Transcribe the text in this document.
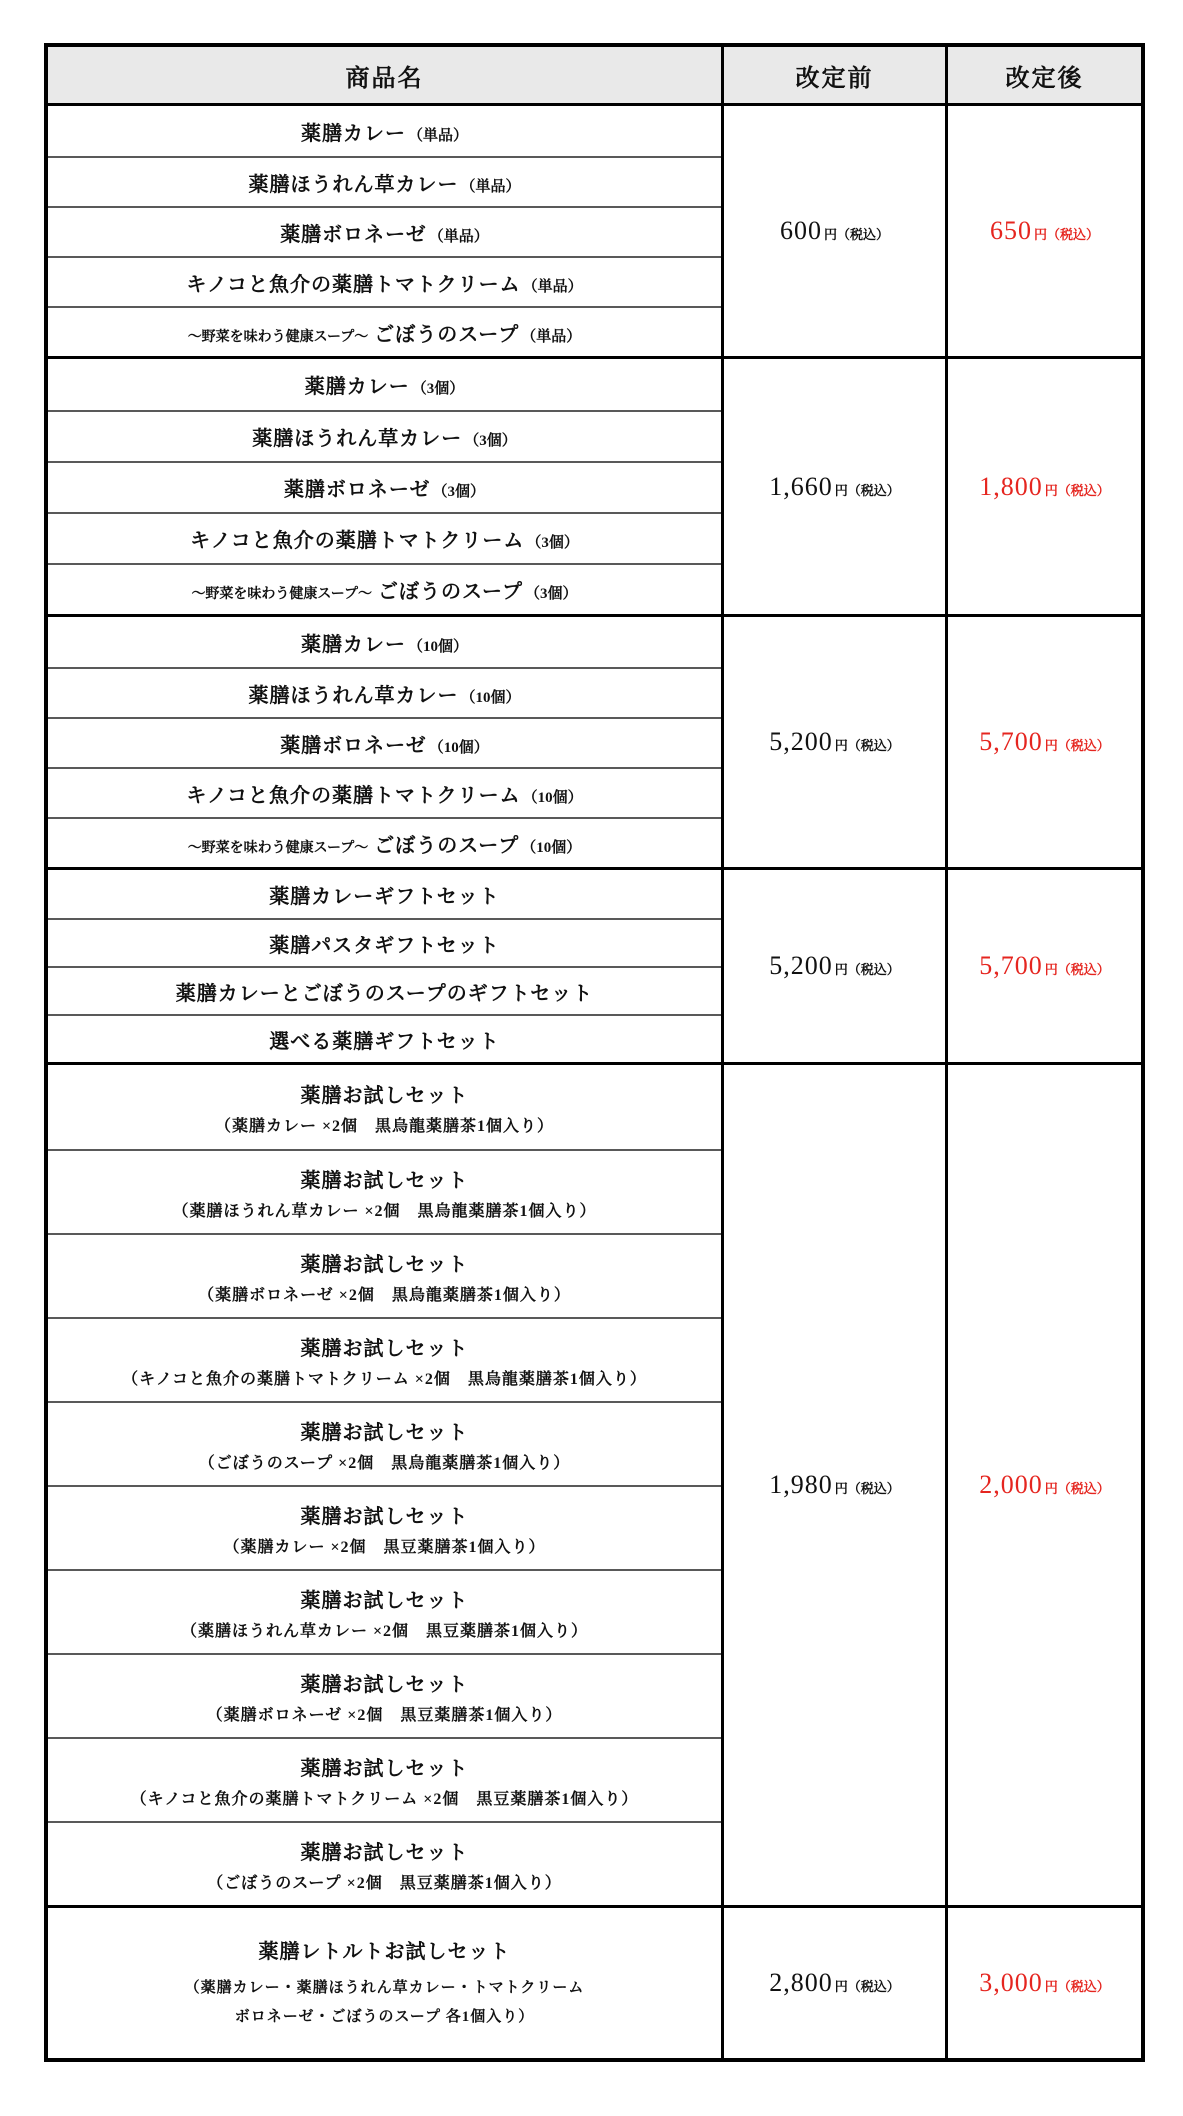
商品名	改定前	改定後
薬膳カレー （単品）
薬膳ほうれん草カレー （単品）
薬膳ボロネーゼ （単品）
キノコと魚介の薬膳トマトクリーム （単品）
～野菜を味わう健康スープ～ ごぼうのスープ （単品）
600 円（税込）	650 円（税込）
薬膳カレー （3個）
薬膳ほうれん草カレー （3個）
薬膳ボロネーゼ （3個）
キノコと魚介の薬膳トマトクリーム （3個）
～野菜を味わう健康スープ～ ごぼうのスープ （3個）
1,660 円（税込）	1,800 円（税込）
薬膳カレー （10個）
薬膳ほうれん草カレー （10個）
薬膳ボロネーゼ （10個）
キノコと魚介の薬膳トマトクリーム （10個）
～野菜を味わう健康スープ～ ごぼうのスープ （10個）
5,200 円（税込）	5,700 円（税込）
薬膳カレーギフトセット
薬膳パスタギフトセット
薬膳カレーとごぼうのスープのギフトセット
選べる薬膳ギフトセット
5,200 円（税込）	5,700 円（税込）
薬膳お試しセット
（薬膳カレー ×2個　黒烏龍薬膳茶1個入り）
薬膳お試しセット
（薬膳ほうれん草カレー ×2個　黒烏龍薬膳茶1個入り）
薬膳お試しセット
（薬膳ボロネーゼ ×2個　黒烏龍薬膳茶1個入り）
薬膳お試しセット
（キノコと魚介の薬膳トマトクリーム ×2個　黒烏龍薬膳茶1個入り）
薬膳お試しセット
（ごぼうのスープ ×2個　黒烏龍薬膳茶1個入り）
薬膳お試しセット
（薬膳カレー ×2個　黒豆薬膳茶1個入り）
薬膳お試しセット
（薬膳ほうれん草カレー ×2個　黒豆薬膳茶1個入り）
薬膳お試しセット
（薬膳ボロネーゼ ×2個　黒豆薬膳茶1個入り）
薬膳お試しセット
（キノコと魚介の薬膳トマトクリーム ×2個　黒豆薬膳茶1個入り）
薬膳お試しセット
（ごぼうのスープ ×2個　黒豆薬膳茶1個入り）
1,980 円（税込）	2,000 円（税込）
薬膳レトルトお試しセット
（薬膳カレー・薬膳ほうれん草カレー・トマトクリーム
ボロネーゼ・ごぼうのスープ 各1個入り）
2,800 円（税込）	3,000 円（税込）
